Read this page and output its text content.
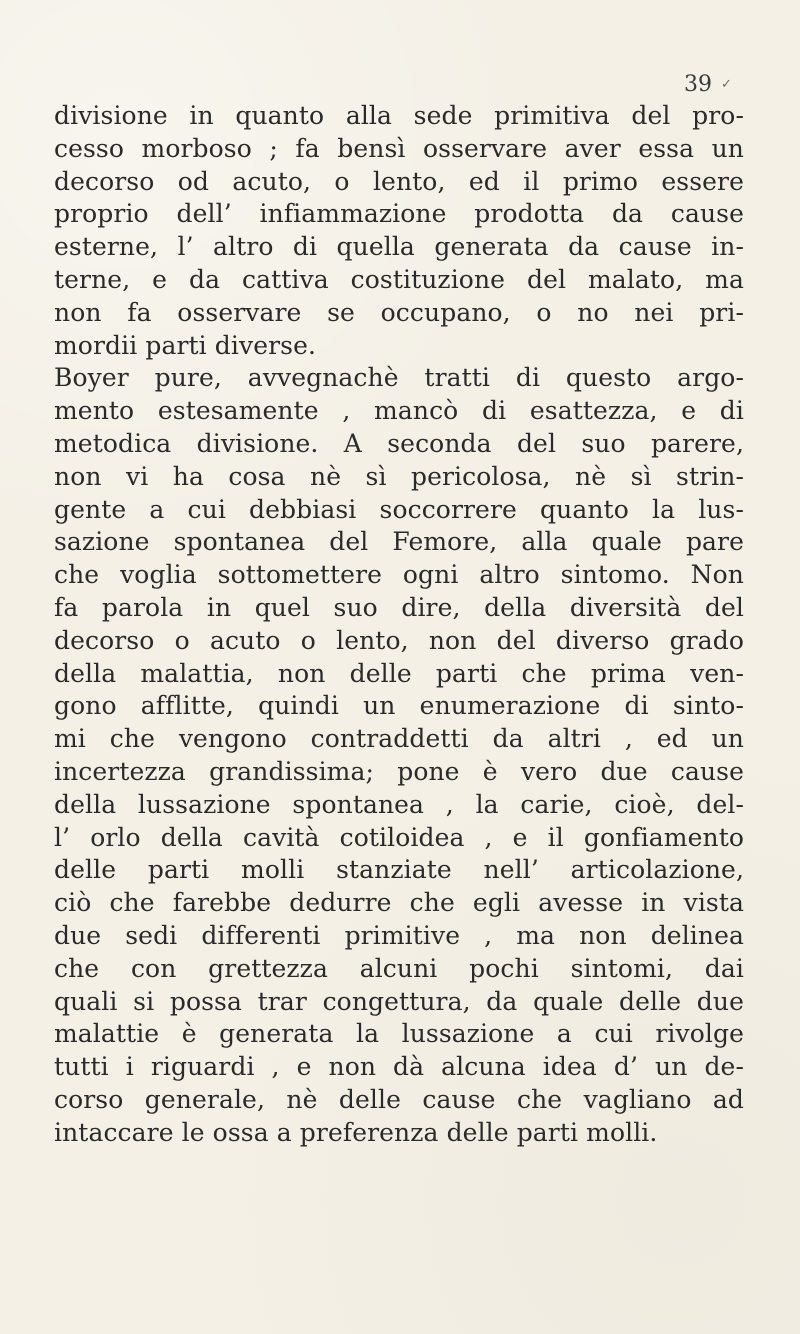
39 ✓
divisione in quanto alla sede primitiva del pro-
cesso morboso ; fa bensì osservare aver essa un
decorso od acuto, o lento, ed il primo essere
proprio dell’ infiammazione prodotta da cause
esterne, l’ altro di quella generata da cause in-
terne, e da cattiva costituzione del malato, ma
non fa osservare se occupano, o no nei pri-
mordii parti diverse.
Boyer pure, avvegnachè tratti di questo argo-
mento estesamente , mancò di esattezza, e di
metodica divisione. A seconda del suo parere,
non vi ha cosa nè sì pericolosa, nè sì strin-
gente a cui debbiasi soccorrere quanto la lus-
sazione spontanea del Femore, alla quale pare
che voglia sottomettere ogni altro sintomo. Non
fa parola in quel suo dire, della diversità del
decorso o acuto o lento, non del diverso grado
della malattia, non delle parti che prima ven-
gono afflitte, quindi un enumerazione di sinto-
mi che vengono contraddetti da altri , ed un
incertezza grandissima; pone è vero due cause
della lussazione spontanea , la carie, cioè, del-
l’ orlo della cavità cotiloidea , e il gonfiamento
delle parti molli stanziate nell’ articolazione,
ciò che farebbe dedurre che egli avesse in vista
due sedi differenti primitive , ma non delinea
che con grettezza alcuni pochi sintomi, dai
quali si possa trar congettura, da quale delle due
malattie è generata la lussazione a cui rivolge
tutti i riguardi , e non dà alcuna idea d’ un de-
corso generale, nè delle cause che vagliano ad
intaccare le ossa a preferenza delle parti molli.
